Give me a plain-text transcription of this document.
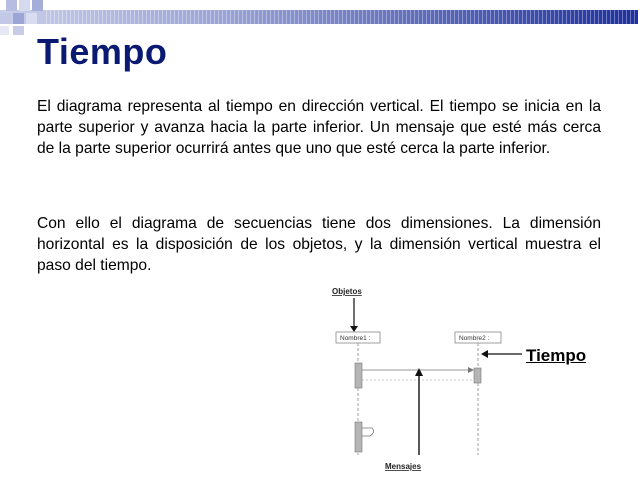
Tiempo

El diagrama representa al tiempo en dirección vertical. El tiempo se inicia en la parte superior y avanza hacia la parte inferior. Un mensaje que esté más cerca de la parte superior ocurrirá antes que uno que esté cerca la parte inferior.

Con ello el diagrama de secuencias tiene dos dimensiones. La dimensión horizontal es la disposición de los objetos, y la dimensión vertical muestra el paso del tiempo.

Objetos
Nombre1 :	Nombre2 :
Mensajes
Tiempo
